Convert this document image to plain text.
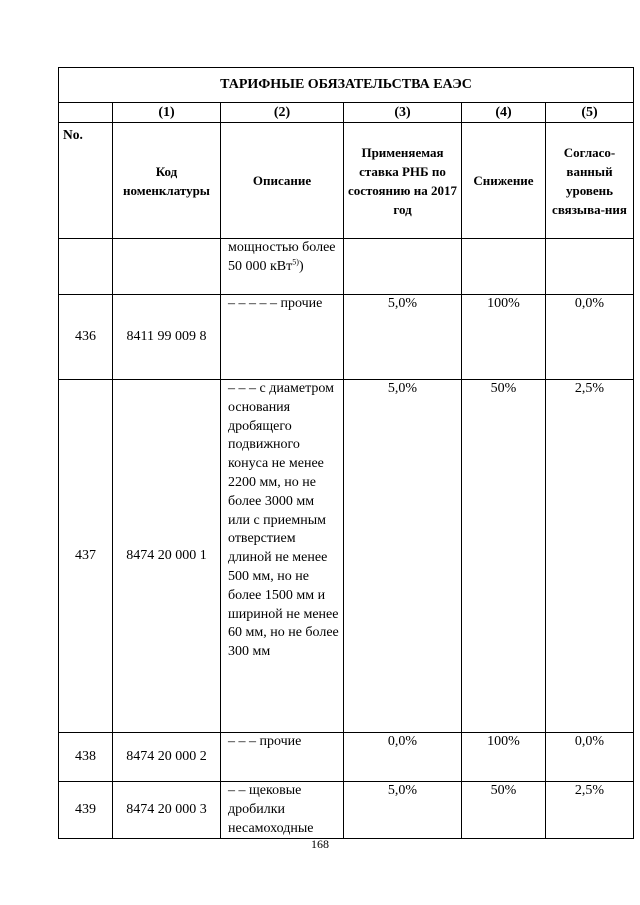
ТАРИФНЫЕ ОБЯЗАТЕЛЬСТВА ЕАЭС					
	(1)	(2)	(3)	(4)	(5)
No.	Код номенклатуры	Описание	Применяемая ставка РНБ по состоянию на 2017 год	Снижение	Согласо-ванный уровень связыва-ния
		мощностью более 50 000 кВт$^{5)}$)			
436	8411 99 009 8	– – – – – прочие	5,0%	100%	0,0%
437	8474 20 000 1	– – – с диаметром основания дробящего подвижного конуса не менее 2200 мм, но не более 3000 мм или с приемным отверстием длиной не менее 500 мм, но не более 1500 мм и шириной не менее 60 мм, но не более 300 мм	5,0%	50%	2,5%
438	8474 20 000 2	– – – прочие	0,0%	100%	0,0%
439	8474 20 000 3	– – щековые дробилки несамоходные	5,0%	50%	2,5%
168
